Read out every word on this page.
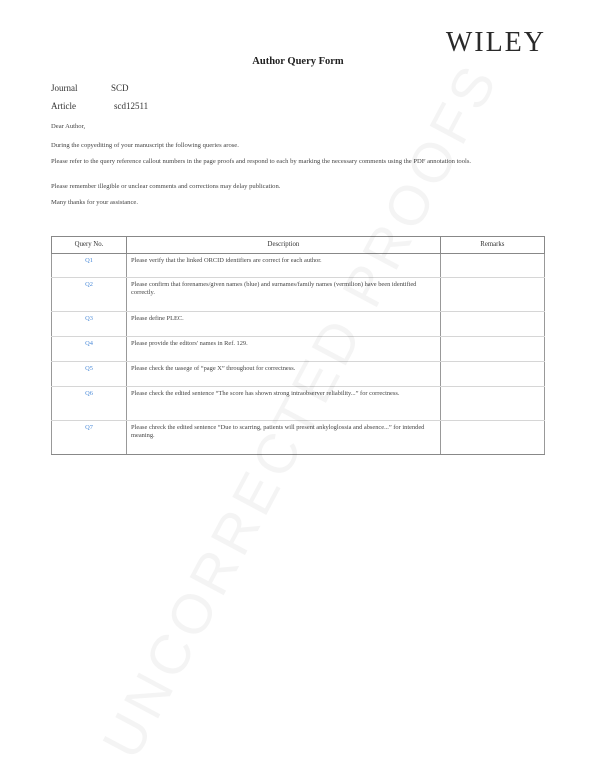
WILEY
Author Query Form
Journal	SCD
Article	scd12511
Dear Author,
During the copyediting of your manuscript the following queries arose.
Please refer to the query reference callout numbers in the page proofs and respond to each by marking the necessary comments using the PDF annotation tools.
Please remember illegible or unclear comments and corrections may delay publication.
Many thanks for your assistance.
Query No.	Description	Remarks
Q1	Please verify that the linked ORCID identifiers are correct for each author.	
Q2	Please confirm that forenames/given names (blue) and surnames/family names (vermilion) have been identified correctly.	
Q3	Please define PLEC.	
Q4	Please provide the editors' names in Ref. 129.	
Q5	Please check the uasege of “page X” throughout for correctness.	
Q6	Please check the edited sentence “The score has shown strong intraobserver reliability...” for correctness.	
Q7	Please chreck the edited sentence “Due to scarring, patients will present ankyloglossia and absence...” for intended meaning.	
